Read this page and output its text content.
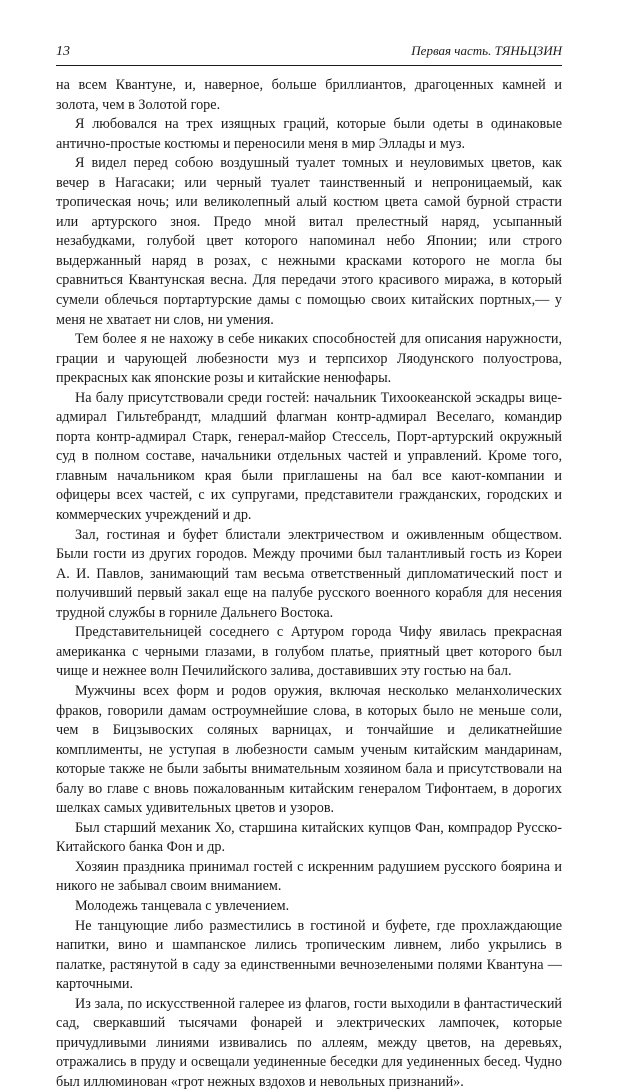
13	Первая часть. ТЯНЬЦЗИН

на всем Квантуне, и, наверное, больше бриллиантов, драгоценных камней и золота, чем в Золотой горе.

Я любовался на трех изящных граций, которые были одеты в одинаковые антично-простые костюмы и переносили меня в мир Эллады и муз.

Я видел перед собою воздушный туалет томных и неуловимых цветов, как вечер в Нагасаки; или черный туалет таинственный и непроницаемый, как тропическая ночь; или великолепный алый костюм цвета самой бурной страсти или артурского зноя. Предо мной витал прелестный наряд, усыпанный незабудками, голубой цвет которого напоминал небо Японии; или строго выдержанный наряд в розах, с нежными красками которого не могла бы сравниться Квантунская весна. Для передачи этого красивого миража, в который сумели облечься портартурские дамы с помощью своих китайских портных,— у меня не хватает ни слов, ни умения.

Тем более я не нахожу в себе никаких способностей для описания наружности, грации и чарующей любезности муз и терпсихор Ляодунского полуострова, прекрасных как японские розы и китайские ненюфары.

На балу присутствовали среди гостей: начальник Тихоокеанской эскадры вице-адмирал Гильтебрандт, младший флагман контр-адмирал Веселаго, командир порта контр-адмирал Старк, генерал-майор Стессель, Порт-артурский окружный суд в полном составе, начальники отдельных частей и управлений. Кроме того, главным начальником края были приглашены на бал все кают-компании и офицеры всех частей, с их супругами, представители гражданских, городских и коммерческих учреждений и др.

Зал, гостиная и буфет блистали электричеством и оживленным обществом. Были гости из других городов. Между прочими был талантливый гость из Кореи А. И. Павлов, занимающий там весьма ответственный дипломатический пост и получивший первый закал еще на палубе русского военного корабля для несения трудной службы в горниле Дальнего Востока.

Представительницей соседнего с Артуром города Чифу явилась прекрасная американка с черными глазами, в голубом платье, приятный цвет которого был чище и нежнее волн Печилийского залива, доставивших эту гостью на бал.

Мужчины всех форм и родов оружия, включая несколько меланхолических фраков, говорили дамам остроумнейшие слова, в которых было не меньше соли, чем в Бицзывоских соляных варницах, и тончайшие и деликатнейшие комплименты, не уступая в любезности самым ученым китайским мандаринам, которые также не были забыты внимательным хозяином бала и присутствовали на балу во главе с вновь пожалованным китайским генералом Тифонтаем, в дорогих шелках самых удивительных цветов и узоров.

Был старший механик Хо, старшина китайских купцов Фан, компрадор Русско-Китайского банка Фон и др.

Хозяин праздника принимал гостей с искренним радушием русского боярина и никого не забывал своим вниманием.

Молодежь танцевала с увлечением.

Не танцующие либо разместились в гостиной и буфете, где прохлаждающие напитки, вино и шампанское лились тропическим ливнем, либо укрылись в палатке, растянутой в саду за единственными вечнозелеными полями Квантуна — карточными.

Из зала, по искусственной галерее из флагов, гости выходили в фантастический сад, сверкавший тысячами фонарей и электрических лампочек, которые причудливыми линиями извивались по аллеям, между цветов, на деревьях, отражались в пруду и освещали уединенные беседки для уединенных бесед. Чудно был иллюминован «грот нежных вздохов и невольных признаний».
